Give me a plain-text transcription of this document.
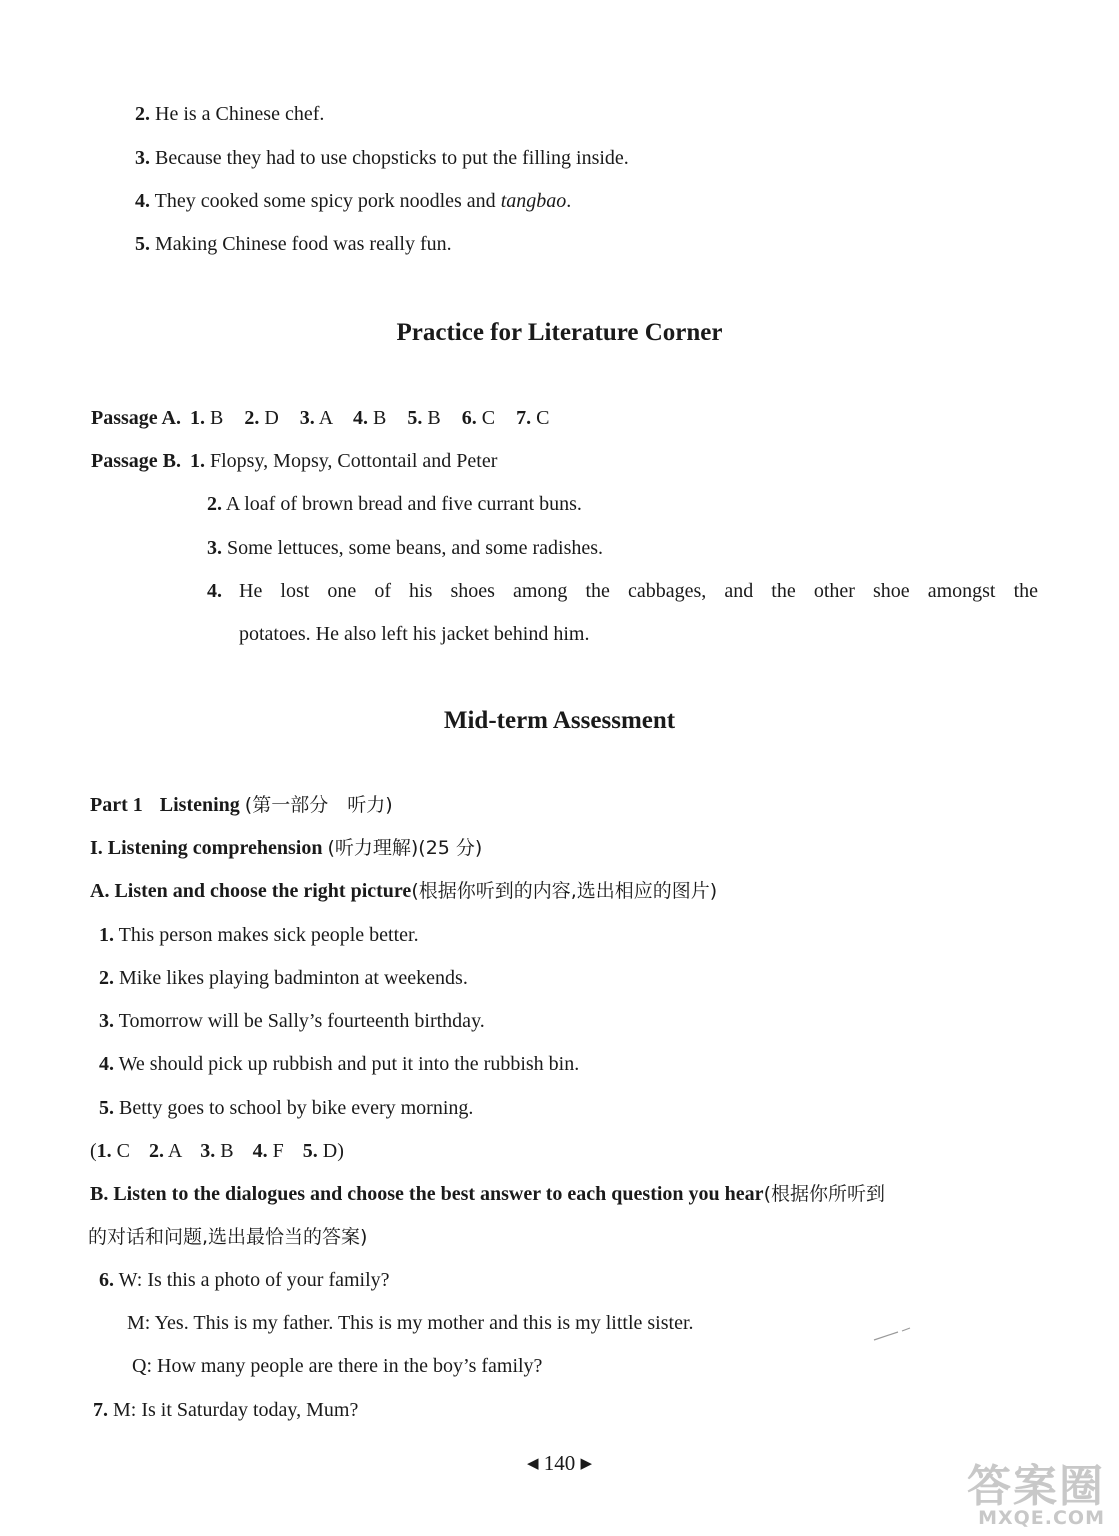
2. He is a Chinese chef.
3. Because they had to use chopsticks to put the filling inside.
4. They cooked some spicy pork noodles and tangbao.
5. Making Chinese food was really fun.
Practice for Literature Corner
Passage A. 1. B 2. D 3. A 4. B 5. B 6. C 7. C
Passage B. 1. Flopsy, Mopsy, Cottontail and Peter
2. A loaf of brown bread and five currant buns.
3. Some lettuces, some beans, and some radishes.
4. He lost one of his shoes among the cabbages, and the other shoe amongst the
potatoes. He also left his jacket behind him.
Mid-term Assessment
Part 1 Listening (第一部分　听力)
I. Listening comprehension (听力理解)(25 分)
A. Listen and choose the right picture(根据你听到的内容,选出相应的图片)
1. This person makes sick people better.
2. Mike likes playing badminton at weekends.
3. Tomorrow will be Sally’s fourteenth birthday.
4. We should pick up rubbish and put it into the rubbish bin.
5. Betty goes to school by bike every morning.
(1. C 2. A 3. B 4. F 5. D)
B. Listen to the dialogues and choose the best answer to each question you hear(根据你所听到
的对话和问题,选出最恰当的答案)
6. W: Is this a photo of your family?
M: Yes. This is my father. This is my mother and this is my little sister.
Q: How many people are there in the boy’s family?
7. M: Is it Saturday today, Mum?
◀ 140 ▶	答案圈
MXQE.COM
